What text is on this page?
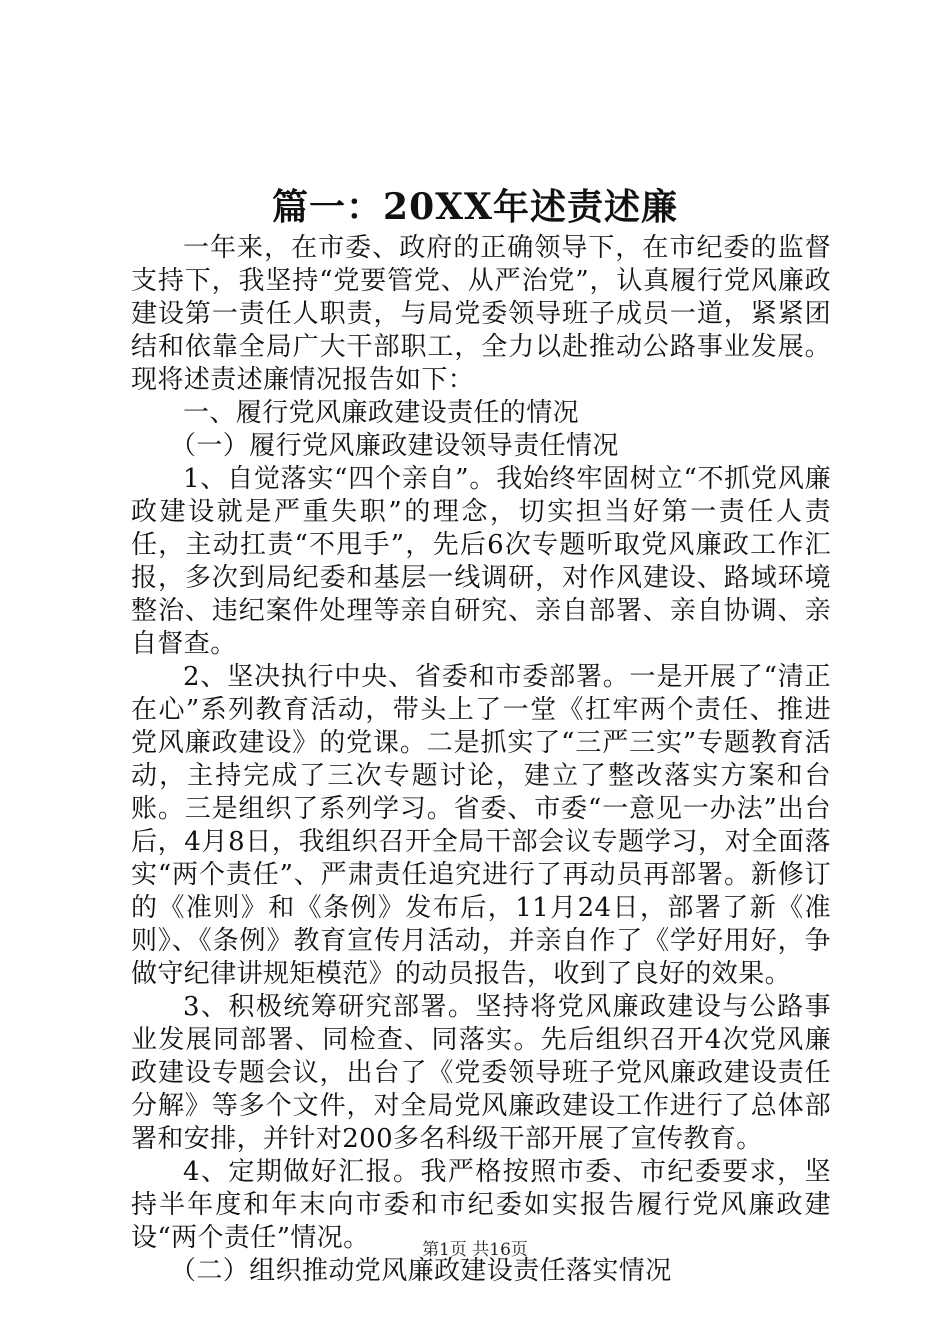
篇一：20XX年述责述廉

一年来，在市委、政府的正确领导下，在市纪委的监督支持下，我坚持“党要管党、从严治党”，认真履行党风廉政建设第一责任人职责，与局党委领导班子成员一道，紧紧团结和依靠全局广大干部职工，全力以赴推动公路事业发展。现将述责述廉情况报告如下：

一、履行党风廉政建设责任的情况

（一）履行党风廉政建设领导责任情况

1、自觉落实“四个亲自”。我始终牢固树立“不抓党风廉政建设就是严重失职”的理念，切实担当好第一责任人责任，主动扛责“不甩手”，先后6次专题听取党风廉政工作汇报，多次到局纪委和基层一线调研，对作风建设、路域环境整治、违纪案件处理等亲自研究、亲自部署、亲自协调、亲自督查。

2、坚决执行中央、省委和市委部署。一是开展了“清正在心”系列教育活动，带头上了一堂《扛牢两个责任、推进党风廉政建设》的党课。二是抓实了“三严三实”专题教育活动，主持完成了三次专题讨论，建立了整改落实方案和台账。三是组织了系列学习。省委、市委“一意见一办法”出台后，4月8日，我组织召开全局干部会议专题学习，对全面落实“两个责任”、严肃责任追究进行了再动员再部署。新修订的《准则》和《条例》发布后，11月24日，部署了新《准则》、《条例》教育宣传月活动，并亲自作了《学好用好，争做守纪律讲规矩模范》的动员报告，收到了良好的效果。

3、积极统筹研究部署。坚持将党风廉政建设与公路事业发展同部署、同检查、同落实。先后组织召开4次党风廉政建设专题会议，出台了《党委领导班子党风廉政建设责任分解》等多个文件，对全局党风廉政建设工作进行了总体部署和安排，并针对200多名科级干部开展了宣传教育。

4、定期做好汇报。我严格按照市委、市纪委要求，坚持半年度和年末向市委和市纪委如实报告履行党风廉政建设“两个责任”情况。

（二）组织推动党风廉政建设责任落实情况

第1页 共16页
